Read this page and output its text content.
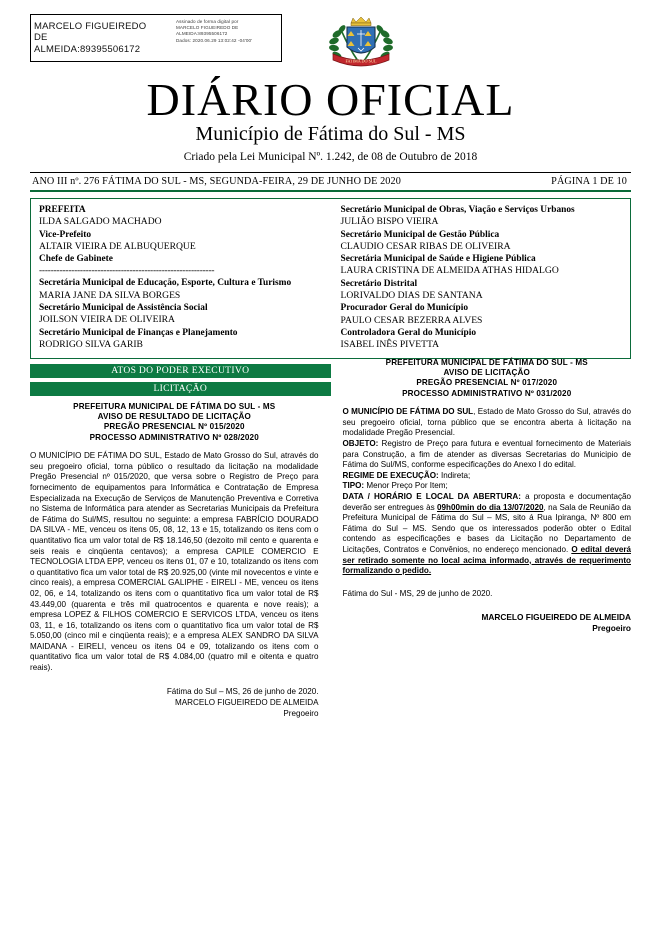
MARCELO FIGUEIREDO
DE
ALMEIDA:89395506172
Assinado de forma digital por
MARCELO FIGUEIREDO DE
ALMEIDA:89395506172
Dados: 2020.06.29 13:02:42 -04'00'
FATIMA DO SUL
DIÁRIO OFICIAL
Município de Fátima do Sul - MS
Criado pela Lei Municipal Nº. 1.242, de 08 de Outubro de 2018
ANO III nº. 276 FÁTIMA DO SUL - MS, SEGUNDA-FEIRA, 29 DE JUNHO DE 2020	PÁGINA 1 DE 10
PREFEITA
ILDA SALGADO MACHADO
Vice-Prefeito
ALTAIR VIEIRA DE ALBUQUERQUE
Chefe de Gabinete
------------------------------------------------------------
Secretária Municipal de Educação, Esporte, Cultura e Turismo
MARIA JANE DA SILVA BORGES
Secretário Municipal de Assistência Social
JOILSON VIEIRA DE OLIVEIRA
Secretário Municipal de Finanças e Planejamento
RODRIGO SILVA GARIB
Secretário Municipal de Obras, Viação e Serviços Urbanos
JULIÃO BISPO VIEIRA
Secretário Municipal de Gestão Pública
CLAUDIO CESAR RIBAS DE OLIVEIRA
Secretária Municipal de Saúde e Higiene Pública
LAURA CRISTINA DE ALMEIDA ATHAS HIDALGO
Secretário Distrital
LORIVALDO DIAS DE SANTANA
Procurador Geral do Município
PAULO CESAR BEZERRA ALVES
Controladora Geral do Município
ISABEL INÊS PIVETTA
ATOS DO PODER EXECUTIVO
LICITAÇÃO
PREFEITURA MUNICIPAL DE FÁTIMA DO SUL - MS
AVISO DE RESULTADO DE LICITAÇÃO
PREGÃO PRESENCIAL Nº 015/2020
PROCESSO ADMINISTRATIVO Nº 028/2020

O MUNICÍPIO DE FÁTIMA DO SUL, Estado de Mato Grosso do Sul, através do seu pregoeiro oficial, torna público o resultado da licitação na modalidade Pregão Presencial nº 015/2020, que versa sobre o Registro de Preço para fornecimento de equipamentos para Informática e Contratação de Empresa Especializada na Execução de Serviços de Manutenção Preventiva e Corretiva no Sistema de Informática para atender as Secretarias Municipais da Prefeitura de Fátima do Sul/MS, resultou no seguinte: a empresa FABRÍCIO DOURADO DA SILVA - ME, venceu os itens 05, 08, 12, 13 e 15, totalizando os itens com o quantitativo fica um valor total de R$ 18.146,50 (dezoito mil cento e quarenta e seis reais e cinqüenta centavos); a empresa CAPILE COMERCIO E TECNOLOGIA LTDA EPP, venceu os itens 01, 07 e 10, totalizando os itens com o quantitativo fica um valor total de R$ 20.925,00 (vinte mil novecentos e vinte e cinco reais), a empresa COMERCIAL GALIPHE - EIRELI - ME, venceu os itens 02, 06, e 14, totalizando os itens com o quantitativo fica um valor total de R$ 43.449,00 (quarenta e três mil quatrocentos e quarenta e nove reais); a empresa LOPEZ & FILHOS COMERCIO E SERVICOS LTDA, venceu os itens 03, 11, e 16, totalizando os itens com o quantitativo fica um valor total de R$ 5.050,00 (cinco mil e cinqüenta reais); e a empresa ALEX SANDRO DA SILVA MAIDANA - EIRELI, venceu os itens 04 e 09, totalizando os itens com o quantitativo fica um valor total de R$ 4.084,00 (quatro mil e oitenta e quatro reais).

Fátima do Sul – MS, 26 de junho de 2020.
MARCELO FIGUEIREDO DE ALMEIDA
Pregoeiro
PREFEITURA MUNICIPAL DE FÁTIMA DO SUL - MS
AVISO DE LICITAÇÃO
PREGÃO PRESENCIAL Nº 017/2020
PROCESSO ADMINISTRATIVO Nº 031/2020

O MUNICÍPIO DE FÁTIMA DO SUL, Estado de Mato Grosso do Sul, através do seu pregoeiro oficial, torna público que se encontra aberta à licitação na modalidade Pregão Presencial.

OBJETO: Registro de Preço para futura e eventual fornecimento de Materiais para Construção, a fim de atender as diversas Secretarias do Municipio de Fátima do Sul/MS, conforme especificações do Anexo I do edital.

REGIME DE EXECUÇÃO: Indireta;

TIPO: Menor Preço Por Item;

DATA / HORÁRIO E LOCAL DA ABERTURA: a proposta e documentação deverão ser entregues às 09h00min do dia 13/07/2020, na Sala de Reunião da Prefeitura Municipal de Fátima do Sul – MS, sito á Rua Ipiranga, Nº 800 em Fátima do Sul – MS. Sendo que os interessados poderão obter o Edital contendo as especificações e bases da Licitação no Departamento de Licitações, Contratos e Convênios, no endereço mencionado. O edital deverá ser retirado somente no local acima informado, através de requerimento formalizando o pedido.

Fátima do Sul - MS, 29 de junho de 2020.
MARCELO FIGUEIREDO DE ALMEIDA
Pregoeiro
